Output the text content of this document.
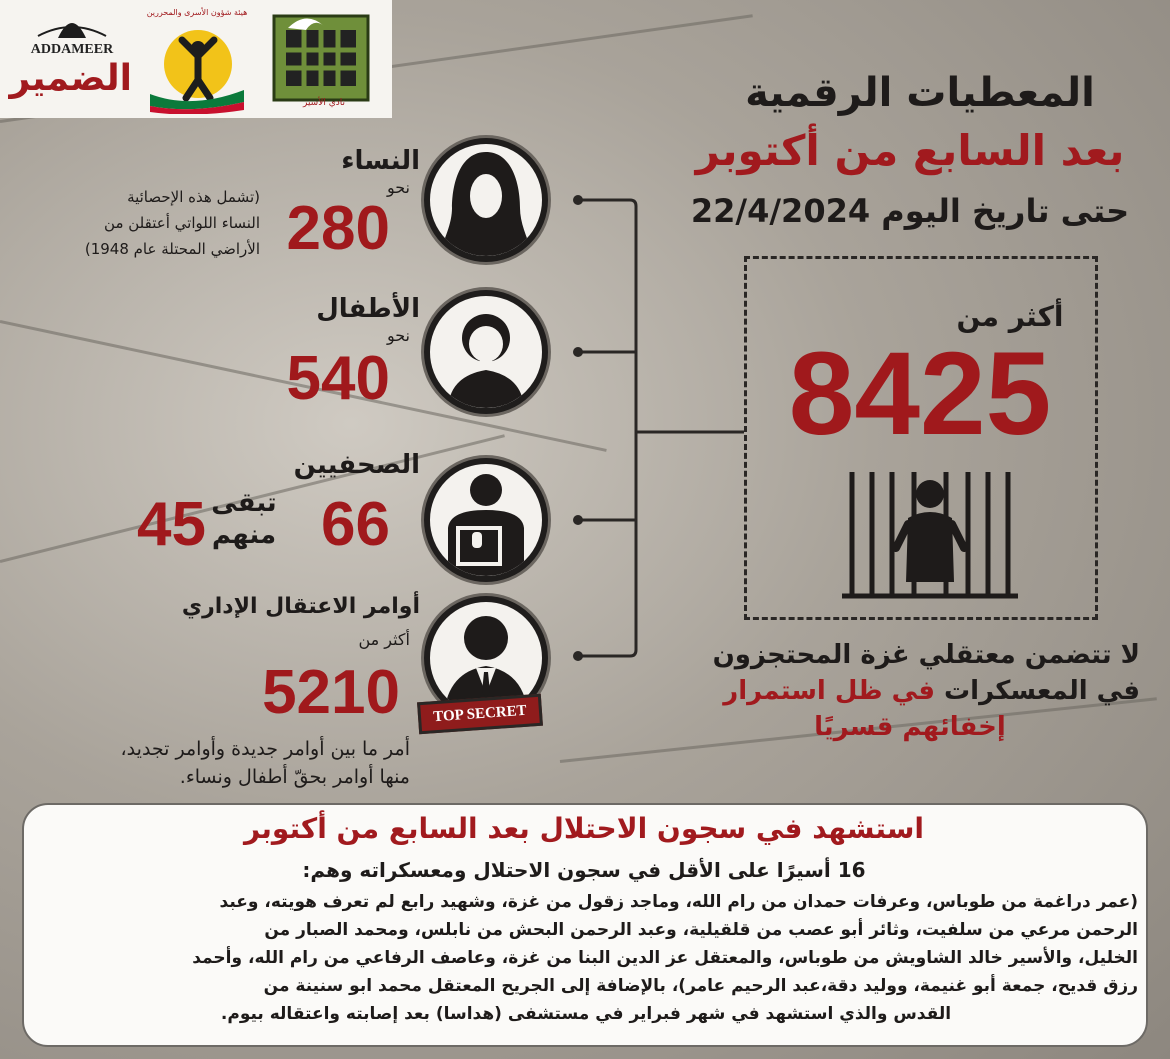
نادي الأسير
هيئة شؤون الأسرى والمحررين
ADDAMEER
الضمير	المعطيات الرقمية
بعد السابع من أكتوبر
حتى تاريخ اليوم 22/4/2024
أكثر من
8425
لا تتضمن معتقلي غزة المحتجزون
في المعسكرات في ظل استمرار
إخفائهم قسريًا
النساء
نحو
280
(تشمل هذه الإحصائية
النساء اللواتي أعتقلن من
الأراضي المحتلة عام 1948)
الأطفال
نحو
540
الصحفيين
66
تبقى
منهم
45
TOP SECRET
أوامر الاعتقال الإداري
أكثر من
5210
أمر ما بين أوامر جديدة وأوامر تجديد،
منها أوامر بحقّ أطفال ونساء.
استشهد في سجون الاحتلال بعد السابع من أكتوبر
16 أسيرًا على الأقل في سجون الاحتلال ومعسكراته وهم:
(عمر دراغمة من طوباس، وعرفات حمدان من رام الله، وماجد زقول من غزة، وشهيد رابع لم تعرف هويته، وعبد
الرحمن مرعي من سلفيت، وثائر أبو عصب من قلقيلية، وعبد الرحمن البحش من نابلس، ومحمد الصبار من
الخليل، والأسير خالد الشاويش من طوباس، والمعتقل عز الدين البنا من غزة، وعاصف الرفاعي من رام الله، وأحمد
رزق قديح، جمعة أبو غنيمة، ووليد دقة،عبد الرحيم عامر)، بالإضافة إلى الجريح المعتقل محمد ابو سنينة من
القدس والذي استشهد في شهر فبراير في مستشفى (هداسا) بعد إصابته واعتقاله بيوم.
